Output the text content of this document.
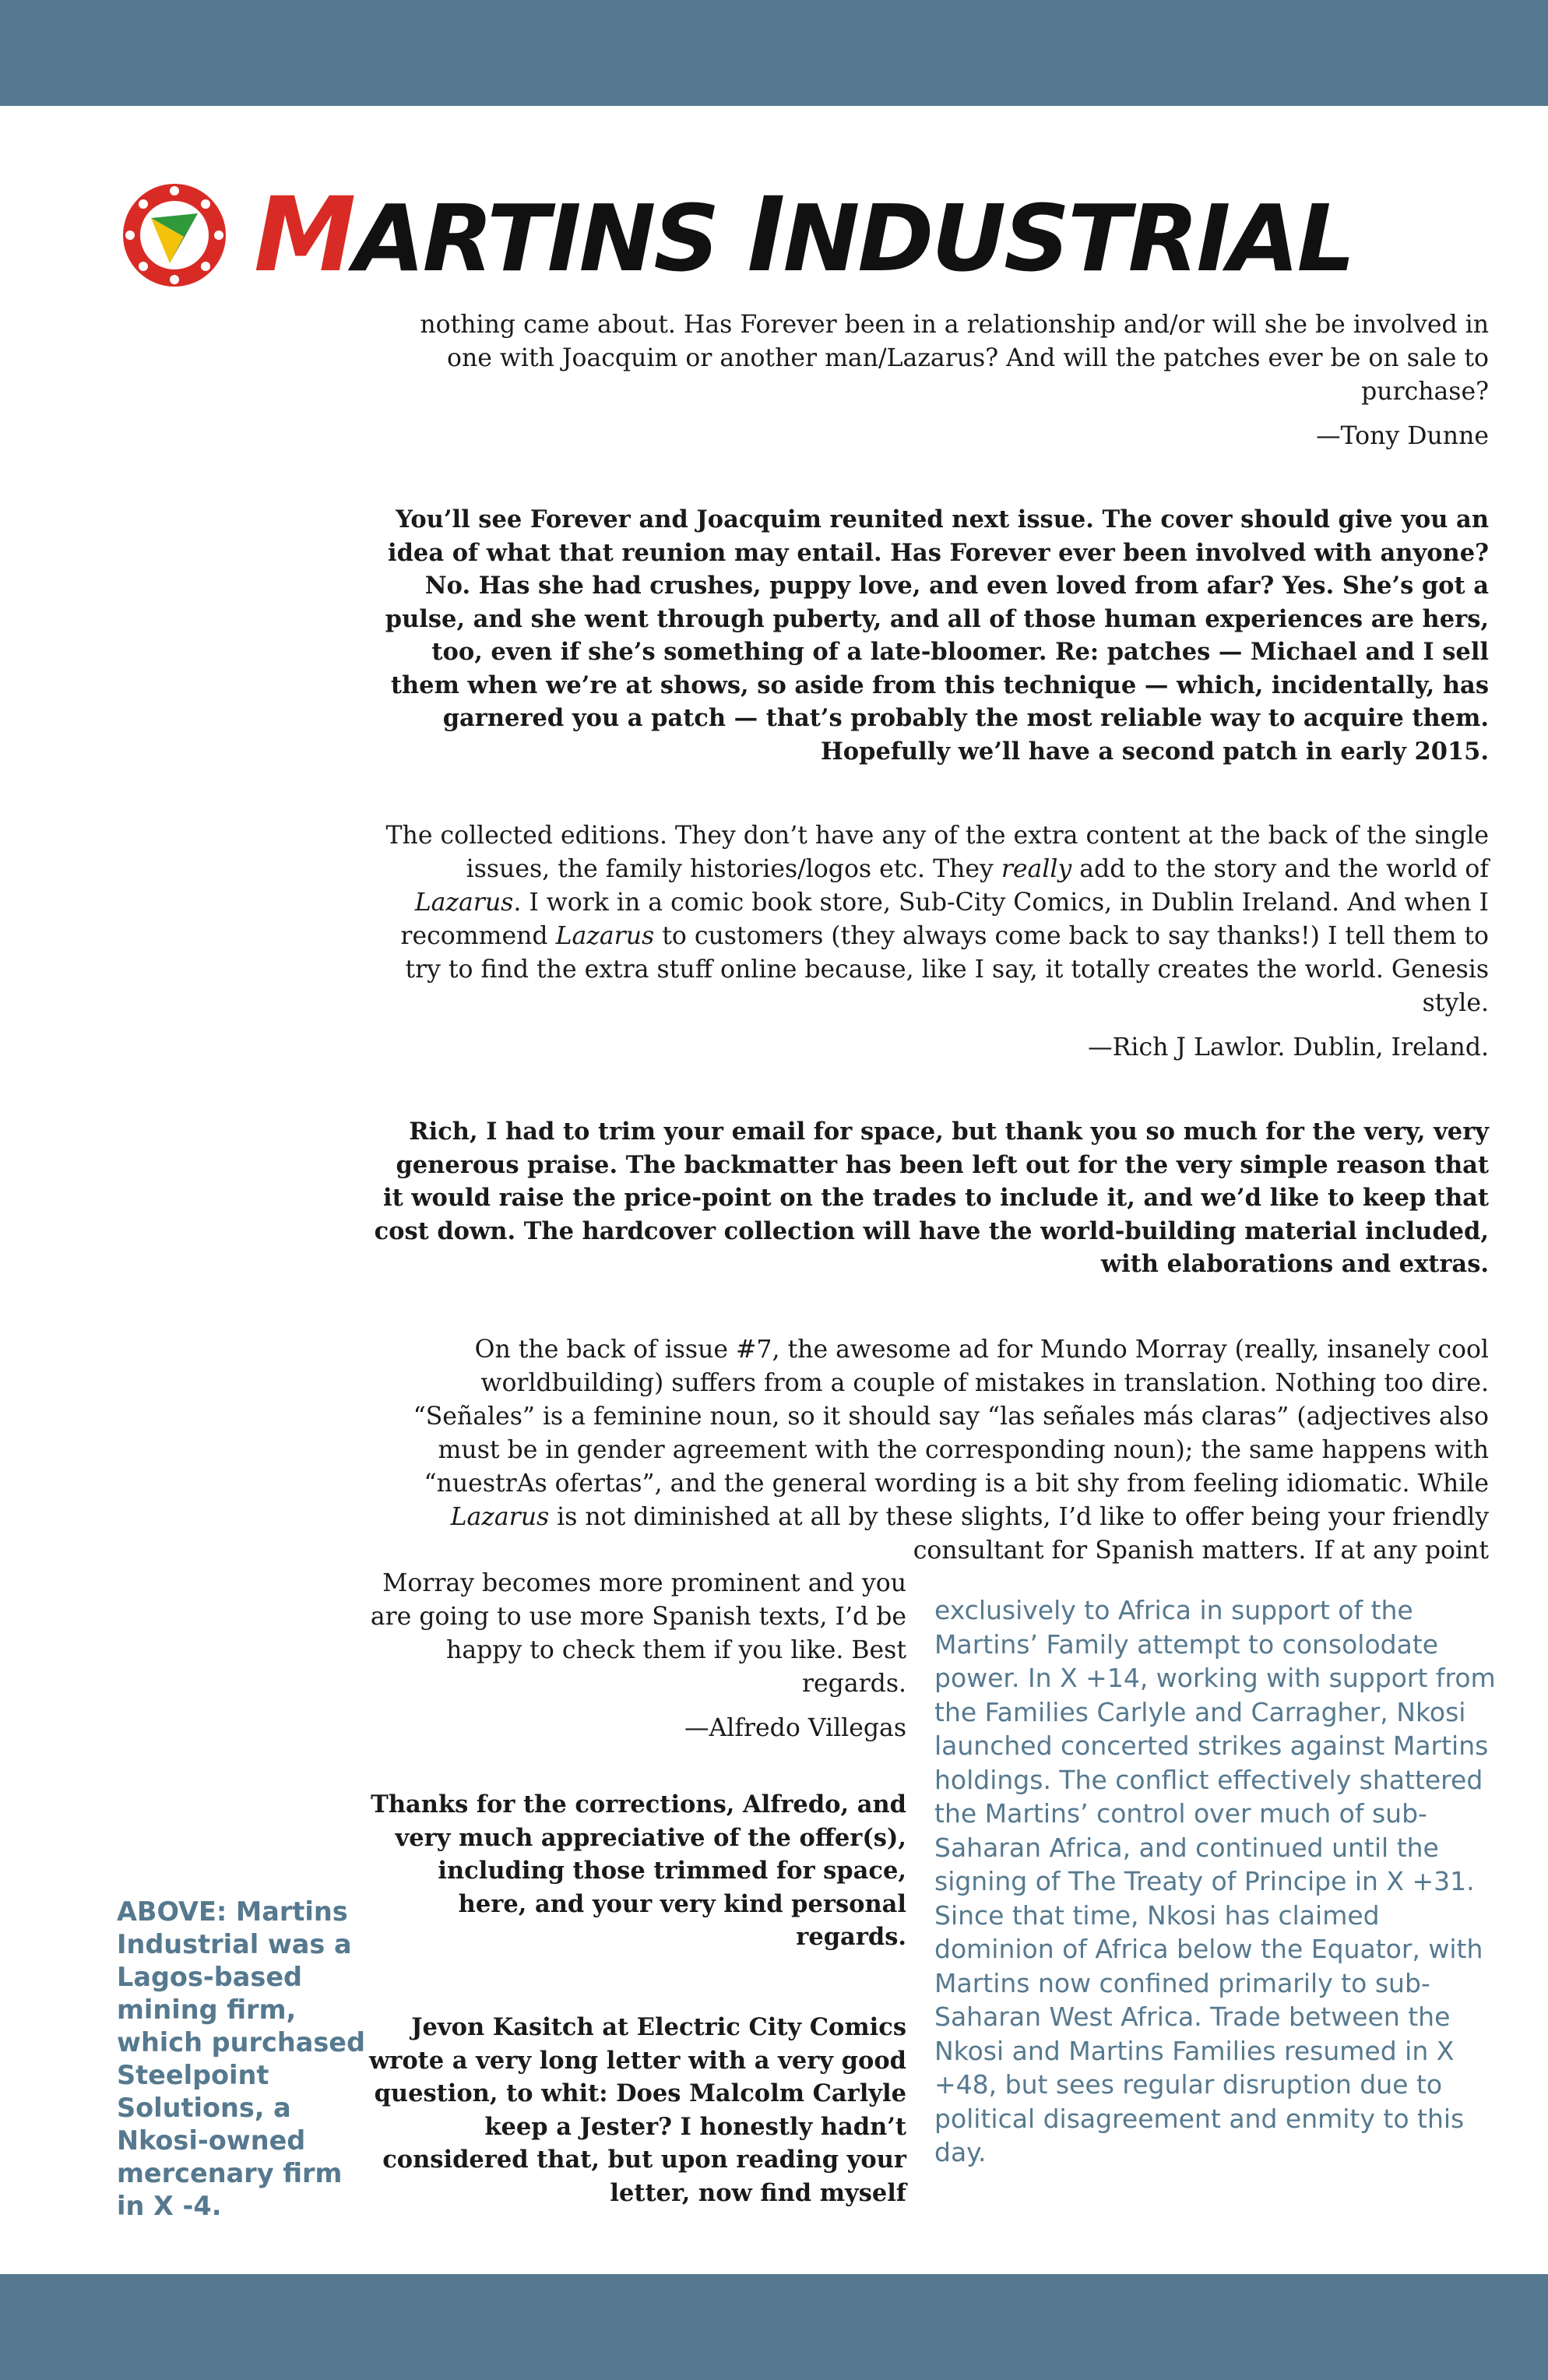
MARTINS INDUSTRIAL

nothing came about. Has Forever been in a relationship and/or will she be involved in one with Joacquim or another man/Lazarus? And will the patches ever be on sale to purchase?

—Tony Dunne

You’ll see Forever and Joacquim reunited next issue. The cover should give you an idea of what that reunion may entail. Has Forever ever been involved with anyone? No. Has she had crushes, puppy love, and even loved from afar? Yes. She’s got a pulse, and she went through puberty, and all of those human experiences are hers, too, even if she’s something of a late-bloomer. Re: patches — Michael and I sell them when we’re at shows, so aside from this technique — which, incidentally, has garnered you a patch — that’s probably the most reliable way to acquire them. Hopefully we’ll have a second patch in early 2015.

The collected editions. They don’t have any of the extra content at the back of the single issues, the family histories/logos etc. They really add to the story and the world of Lazarus. I work in a comic book store, Sub-City Comics, in Dublin Ireland. And when I recommend Lazarus to customers (they always come back to say thanks!) I tell them to try to find the extra stuff online because, like I say, it totally creates the world. Genesis style.

—Rich J Lawlor. Dublin, Ireland.

Rich, I had to trim your email for space, but thank you so much for the very, very generous praise. The backmatter has been left out for the very simple reason that it would raise the price-point on the trades to include it, and we’d like to keep that cost down. The hardcover collection will have the world-building material included, with elaborations and extras.

On the back of issue #7, the awesome ad for Mundo Morray (really, insanely cool worldbuilding) suffers from a couple of mistakes in translation. Nothing too dire. “Señales” is a feminine noun, so it should say “las señales más claras” (adjectives also must be in gender agreement with the corresponding noun); the same happens with “nuestrAs ofertas”, and the general wording is a bit shy from feeling idiomatic. While Lazarus is not diminished at all by these slights, I’d like to offer being your friendly consultant for Spanish matters. If at any point

Morray becomes more prominent and you are going to use more Spanish texts, I’d be happy to check them if you like. Best regards.

—Alfredo Villegas

Thanks for the corrections, Alfredo, and very much appreciative of the offer(s), including those trimmed for space, here, and your very kind personal regards.

Jevon Kasitch at Electric City Comics wrote a very long letter with a very good question, to whit: Does Malcolm Carlyle keep a Jester? I honestly hadn’t considered that, but upon reading your letter, now find myself

exclusively to Africa in support of the Martins’ Family attempt to consolodate power. In X +14, working with support from the Families Carlyle and Carragher, Nkosi launched concerted strikes against Martins holdings. The conflict effectively shattered the Martins’ control over much of sub-Saharan Africa, and continued until the signing of The Treaty of Principe in X +31. Since that time, Nkosi has claimed dominion of Africa below the Equator, with Martins now confined primarily to sub-Saharan West Africa. Trade between the Nkosi and Martins Families resumed in X +48, but sees regular disruption due to political disagreement and enmity to this day.

ABOVE: Martins Industrial was a Lagos-based mining firm, which purchased Steelpoint Solutions, a Nkosi-owned mercenary firm in X -4.
